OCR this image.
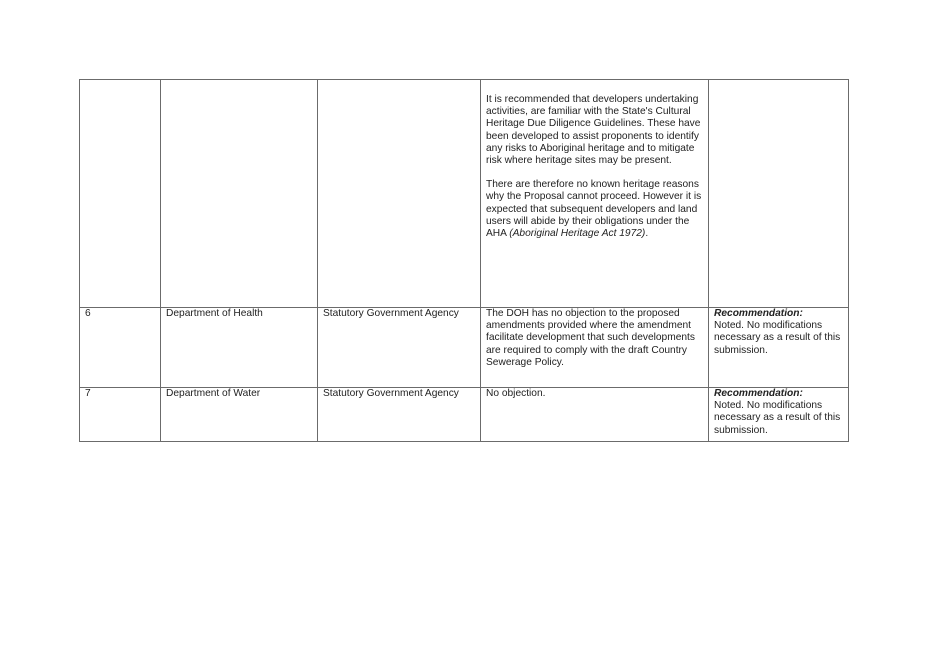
			It is recommended that developers undertaking activities, are familiar with the State's Cultural Heritage Due Diligence Guidelines. These have been developed to assist proponents to identify any risks to Aboriginal heritage and to mitigate risk where heritage sites may be present.
There are therefore no known heritage reasons why the Proposal cannot proceed. However it is expected that subsequent developers and land users will abide by their obligations under the AHA (Aboriginal Heritage Act 1972).	

6	Department of Health	Statutory Government Agency	The DOH has no objection to the proposed amendments provided where the amendment facilitate development that such developments are required to comply with the draft Country Sewerage Policy.	Recommendation:
Noted. No modifications necessary as a result of this submission.

7	Department of Water	Statutory Government Agency	No objection.	Recommendation:
Noted. No modifications necessary as a result of this submission.
